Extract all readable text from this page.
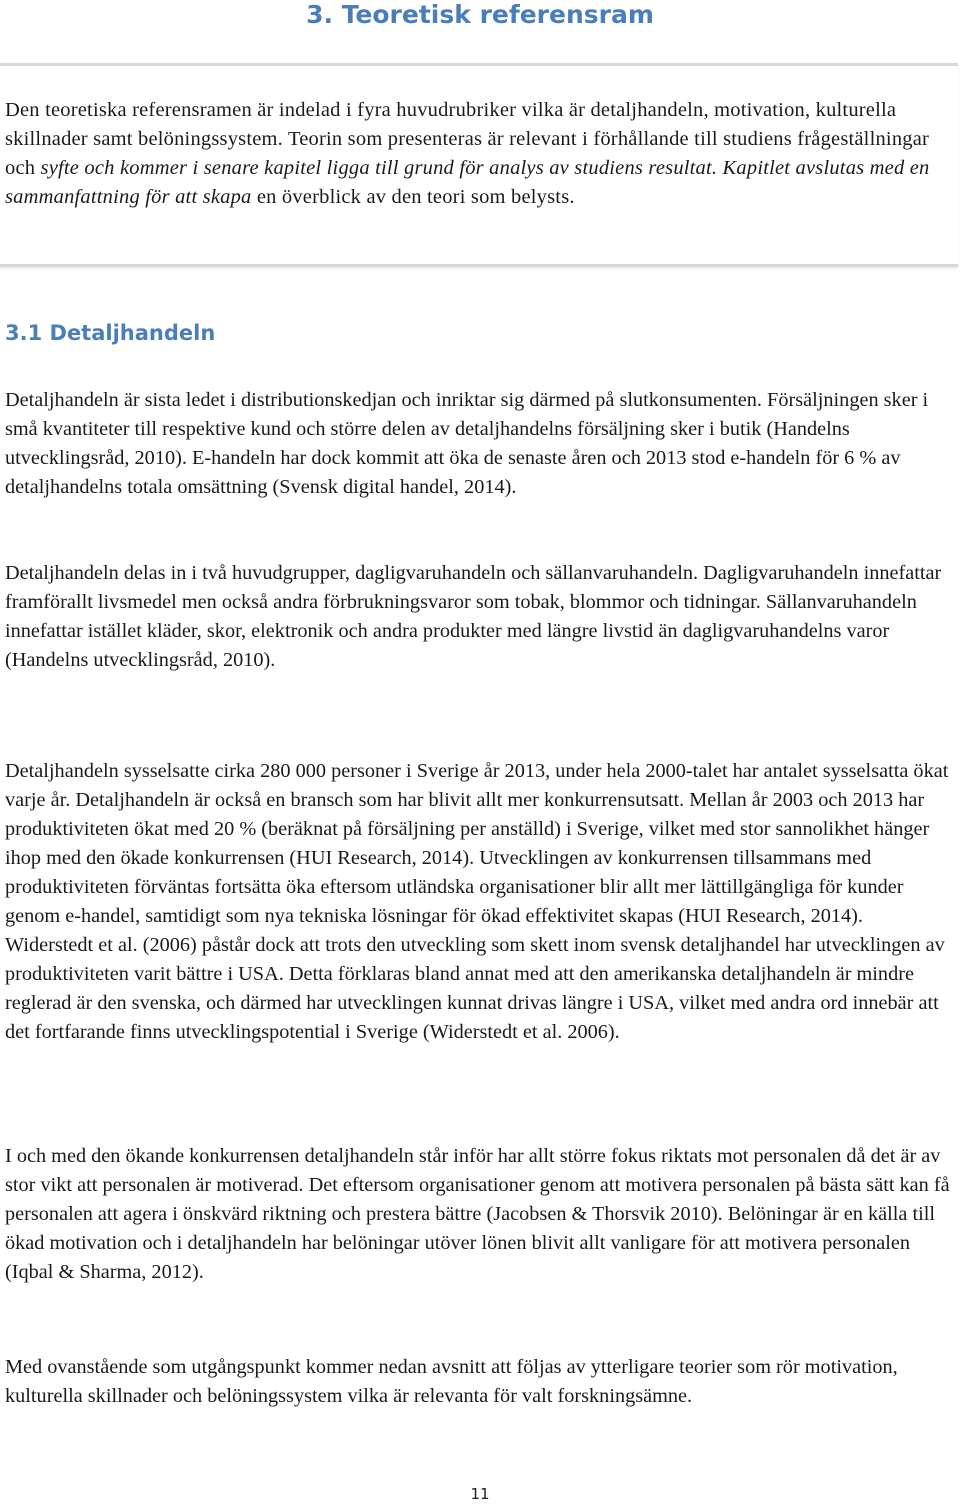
3. Teoretisk referensram

Den teoretiska referensramen är indelad i fyra huvudrubriker vilka är detaljhandeln, motivation, kulturella skillnader samt belöningssystem. Teorin som presenteras är relevant i förhållande till studiens frågeställningar och syfte och kommer i senare kapitel ligga till grund för analys av studiens resultat. Kapitlet avslutas med en sammanfattning för att skapa en överblick av den teori som belysts.

3.1 Detaljhandeln

Detaljhandeln är sista ledet i distributionskedjan och inriktar sig därmed på slutkonsumenten. Försäljningen sker i små kvantiteter till respektive kund och större delen av detaljhandelns försäljning sker i butik (Handelns utvecklingsråd, 2010). E-handeln har dock kommit att öka de senaste åren och 2013 stod e-handeln för 6 % av detaljhandelns totala omsättning (Svensk digital handel, 2014).

Detaljhandeln delas in i två huvudgrupper, dagligvaruhandeln och sällanvaruhandeln. Dagligvaruhandeln innefattar framförallt livsmedel men också andra förbrukningsvaror som tobak, blommor och tidningar. Sällanvaruhandeln innefattar istället kläder, skor, elektronik och andra produkter med längre livstid än dagligvaruhandelns varor (Handelns utvecklingsråd, 2010).

Detaljhandeln sysselsatte cirka 280 000 personer i Sverige år 2013, under hela 2000-talet har antalet sysselsatta ökat varje år. Detaljhandeln är också en bransch som har blivit allt mer konkurrensutsatt. Mellan år 2003 och 2013 har produktiviteten ökat med 20 % (beräknat på försäljning per anställd) i Sverige, vilket med stor sannolikhet hänger ihop med den ökade konkurrensen (HUI Research, 2014). Utvecklingen av konkurrensen tillsammans med produktiviteten förväntas fortsätta öka eftersom utländska organisationer blir allt mer lättillgängliga för kunder genom e-handel, samtidigt som nya tekniska lösningar för ökad effektivitet skapas (HUI Research, 2014). Widerstedt et al. (2006) påstår dock att trots den utveckling som skett inom svensk detaljhandel har utvecklingen av produktiviteten varit bättre i USA. Detta förklaras bland annat med att den amerikanska detaljhandeln är mindre reglerad är den svenska, och därmed har utvecklingen kunnat drivas längre i USA, vilket med andra ord innebär att det fortfarande finns utvecklingspotential i Sverige (Widerstedt et al. 2006).

I och med den ökande konkurrensen detaljhandeln står inför har allt större fokus riktats mot personalen då det är av stor vikt att personalen är motiverad. Det eftersom organisationer genom att motivera personalen på bästa sätt kan få personalen att agera i önskvärd riktning och prestera bättre (Jacobsen & Thorsvik 2010). Belöningar är en källa till ökad motivation och i detaljhandeln har belöningar utöver lönen blivit allt vanligare för att motivera personalen (Iqbal & Sharma, 2012).

Med ovanstående som utgångspunkt kommer nedan avsnitt att följas av ytterligare teorier som rör motivation, kulturella skillnader och belöningssystem vilka är relevanta för valt forskningsämne.

11
